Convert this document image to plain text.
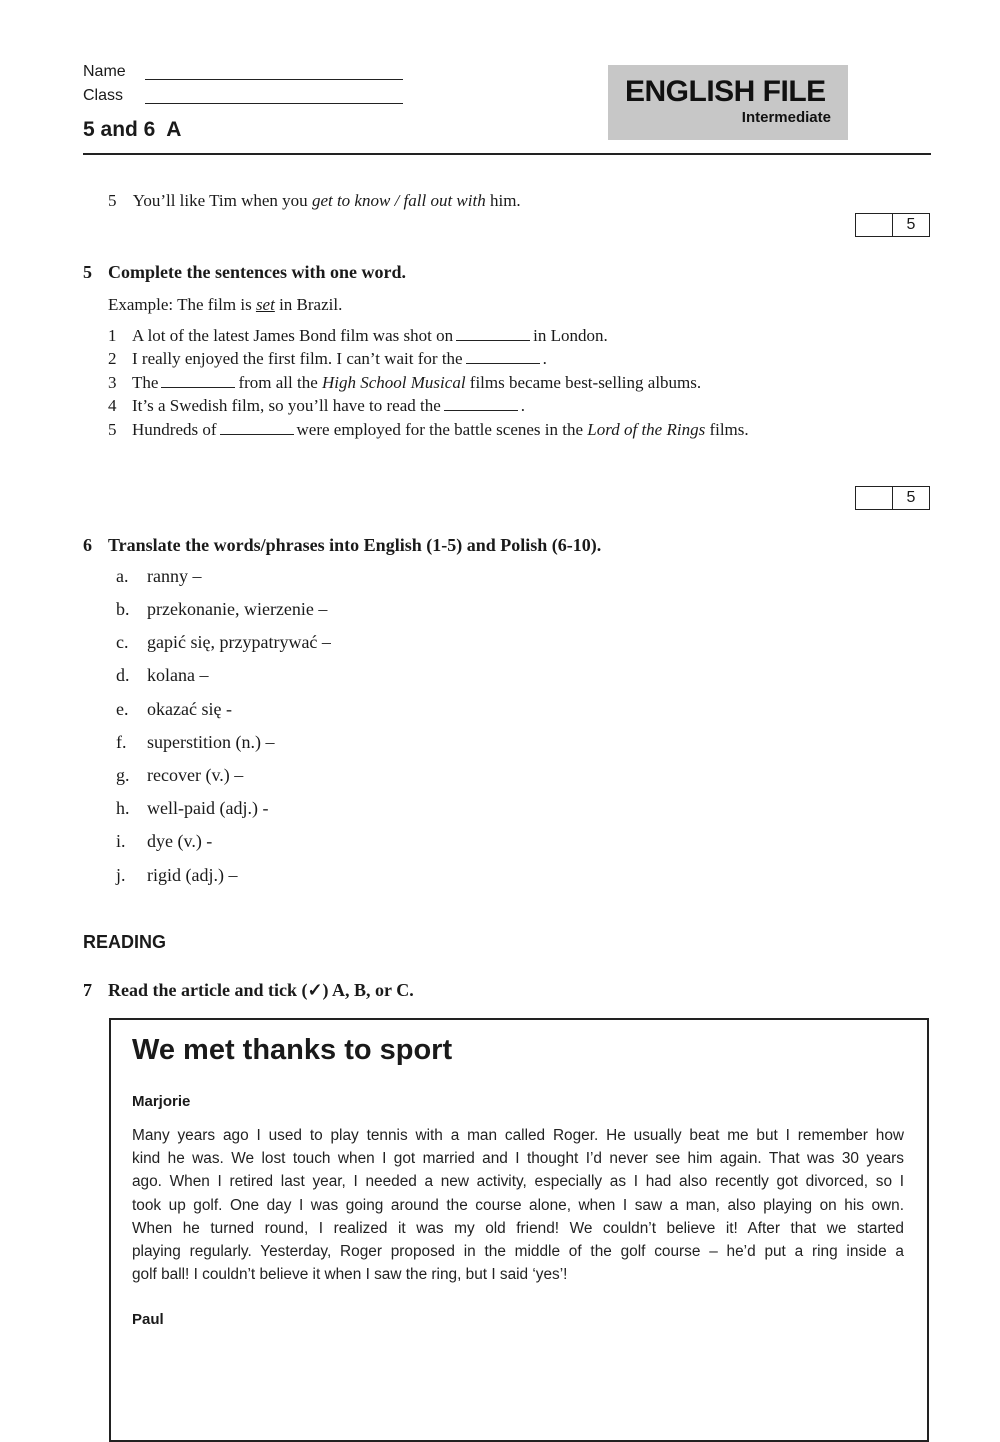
Name
Class
5 and 6  A
ENGLISH FILE
Intermediate
5 You’ll like Tim when you get to know / fall out with him.
5
5 Complete the sentences with one word.
Example: The film is set in Brazil.
1 A lot of the latest James Bond film was shot on	in London.
2 I really enjoyed the first film. I can’t wait for the	.
3 The	from all the High School Musical films became best-selling albums.
4 It’s a Swedish film, so you’ll have to read the	.
5 Hundreds of	were employed for the battle scenes in the Lord of the Rings films.
5
6 Translate the words/phrases into English (1-5) and Polish (6-10).
a.	ranny –
b. przekonanie, wierzenie –
c.	gapić się, przypatrywać –
d. kolana –
e.	okazać się -
f.	superstition (n.) –
g. recover (v.) –
h. well-paid (adj.) -
i.	dye (v.) -
j.	rigid (adj.) –
READING
7 Read the article and tick (✓) A, B, or C.
We met thanks to sport
Marjorie
Many years ago I used to play tennis with a man called Roger. He usually beat me but I remember how
kind he was. We lost touch when I got married and I thought I’d never see him again. That was 30 years
ago. When I retired last year, I needed a new activity, especially as I had also recently got divorced, so I
took up golf. One day I was going around the course alone, when I saw a man, also playing on his own.
When he turned round, I realized it was my old friend! We couldn’t believe it! After that we started
playing regularly. Yesterday, Roger proposed in the middle of the golf course – he’d put a ring inside a
golf ball! I couldn’t believe it when I saw the ring, but I said ‘yes’!
Paul
